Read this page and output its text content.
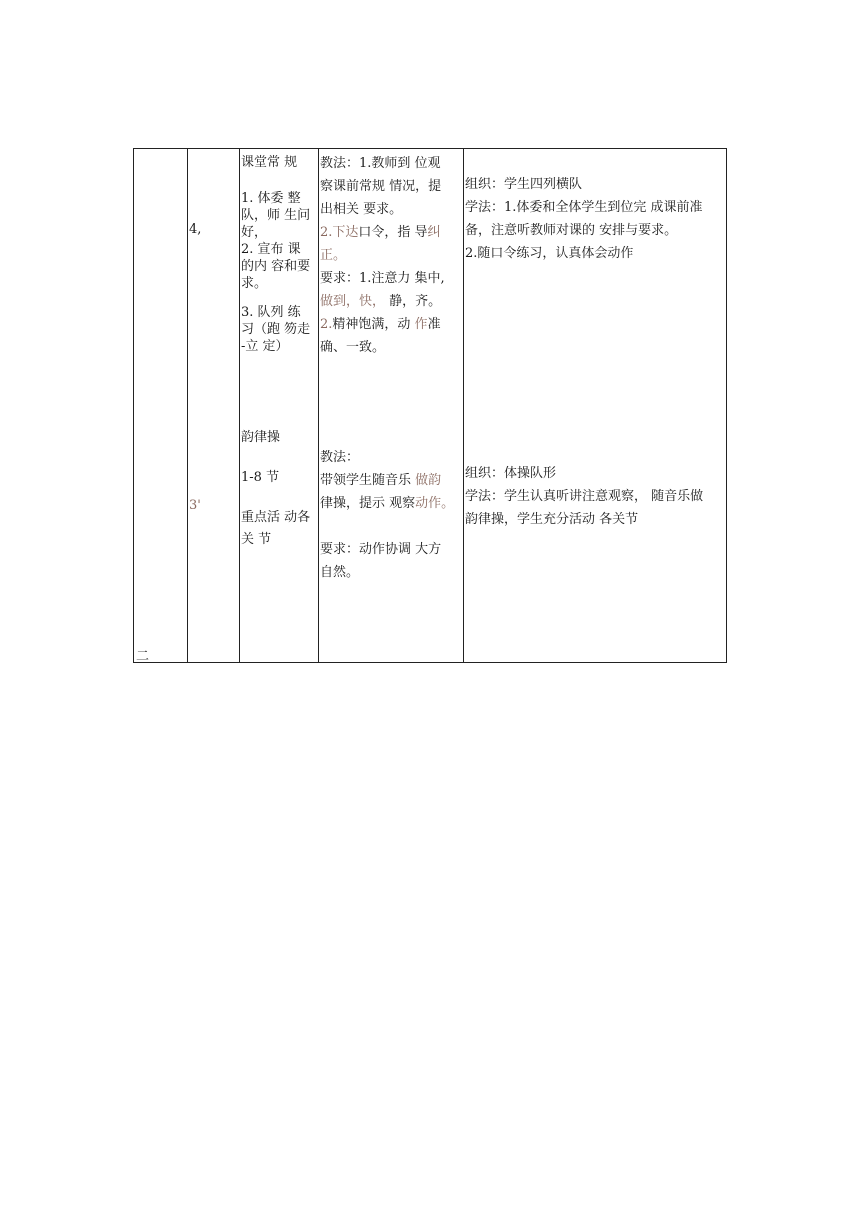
二
4,
3'

课堂常 规

1. 体委 整
队，师 生问
好，

2. 宣布 课
的内 容和要
求。

3. 队列 练
习（跑 笏走
-立 定）

韵律操
1-8 节
重点活 动各
关 节
教法：1.教师到 位观
察课前常规 情况，提
出相关 要求。
2.下达口令，指 导纠
正。
要求：1.注意力 集中,
做到，快， 静，齐。
2.精神饱满，动 作准
确、一致。
教法：
带领学生随音乐 做韵
律操，提示 观察动作。
要求：动作协调 大方
自然。
组织：学生四列横队
学法：1.体委和全体学生到位完 成课前准
备，注意听教师对课的 安排与要求。
2.随口令练习，认真体会动作
组织：体操队形
学法：学生认真听讲注意观察， 随音乐做
韵律操，学生充分活动 各关节
